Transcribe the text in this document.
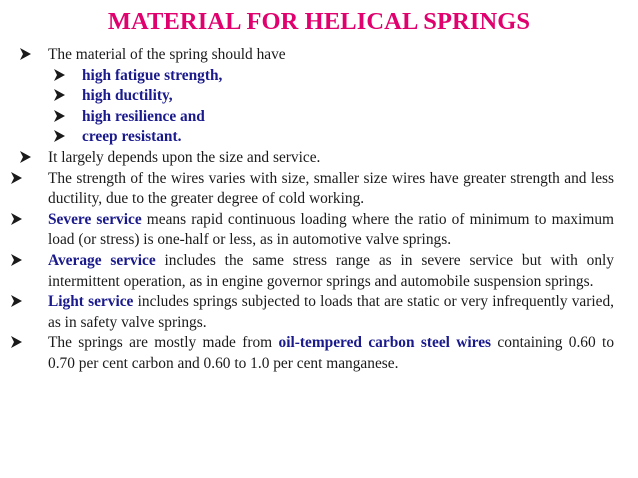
MATERIAL FOR HELICAL SPRINGS
The material of the spring should have
high fatigue strength,
high ductility,
high resilience and
creep resistant.
It largely depends upon the size and service.
The strength of the wires varies with size, smaller size wires have greater strength and less ductility, due to the greater degree of cold working.
Severe service means rapid continuous loading where the ratio of minimum to maximum load (or stress) is one-half or less, as in automotive valve springs.
Average service includes the same stress range as in severe service but with only intermittent operation, as in engine governor springs and automobile suspension springs.
Light service includes springs subjected to loads that are static or very infrequently varied, as in safety valve springs.
The springs are mostly made from oil-tempered carbon steel wires containing 0.60 to 0.70 per cent carbon and 0.60 to 1.0 per cent manganese.
